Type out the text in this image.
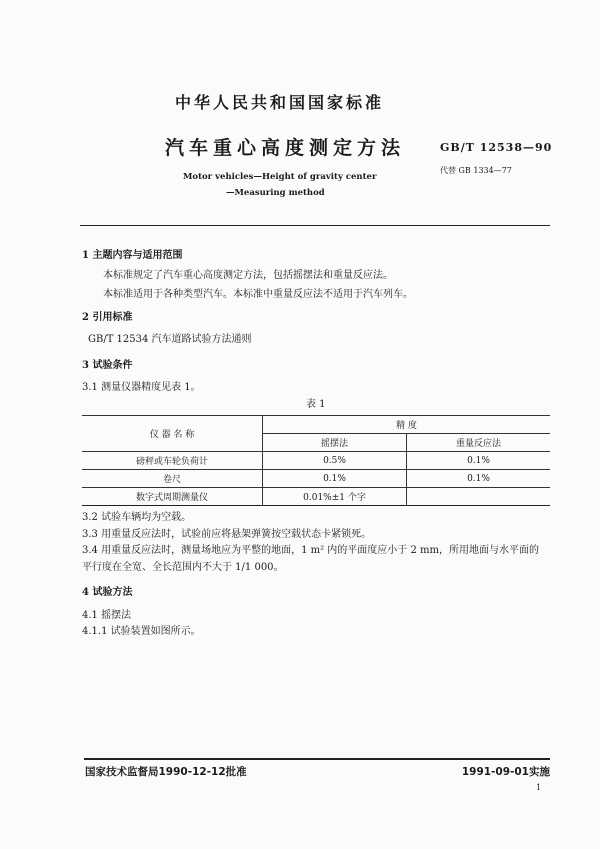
中华人民共和国国家标准
汽车重心高度测定方法	GB/T 12538—90
代替 GB 1334—77
Motor vehicles—Height of gravity center
—Measuring method
1 主题内容与适用范围
本标准规定了汽车重心高度测定方法，包括摇摆法和重量反应法。
本标准适用于各种类型汽车。本标准中重量反应法不适用于汽车列车。
2 引用标准
GB/T 12534 汽车道路试验方法通则
3 试验条件
3.1 测量仪器精度见表 1。
表 1
仪 器 名 称	精 度	
	摇摆法	重量反应法
磅秤或车轮负荷计	0.5%	0.1%
卷尺	0.1%	0.1%
数字式周期测量仪	0.01%±1 个字	
3.2 试验车辆均为空载。
3.3 用重量反应法时，试验前应将悬架弹簧按空载状态卡紧锁死。
3.4 用重量反应法时，测量场地应为平整的地面，1 m² 内的平面度应小于 2 mm，所用地面与水平面的
平行度在全宽、全长范围内不大于 1/1 000。
4 试验方法
4.1 摇摆法
4.1.1 试验装置如图所示。
国家技术监督局1990-12-12批准	1991-09-01实施
1
